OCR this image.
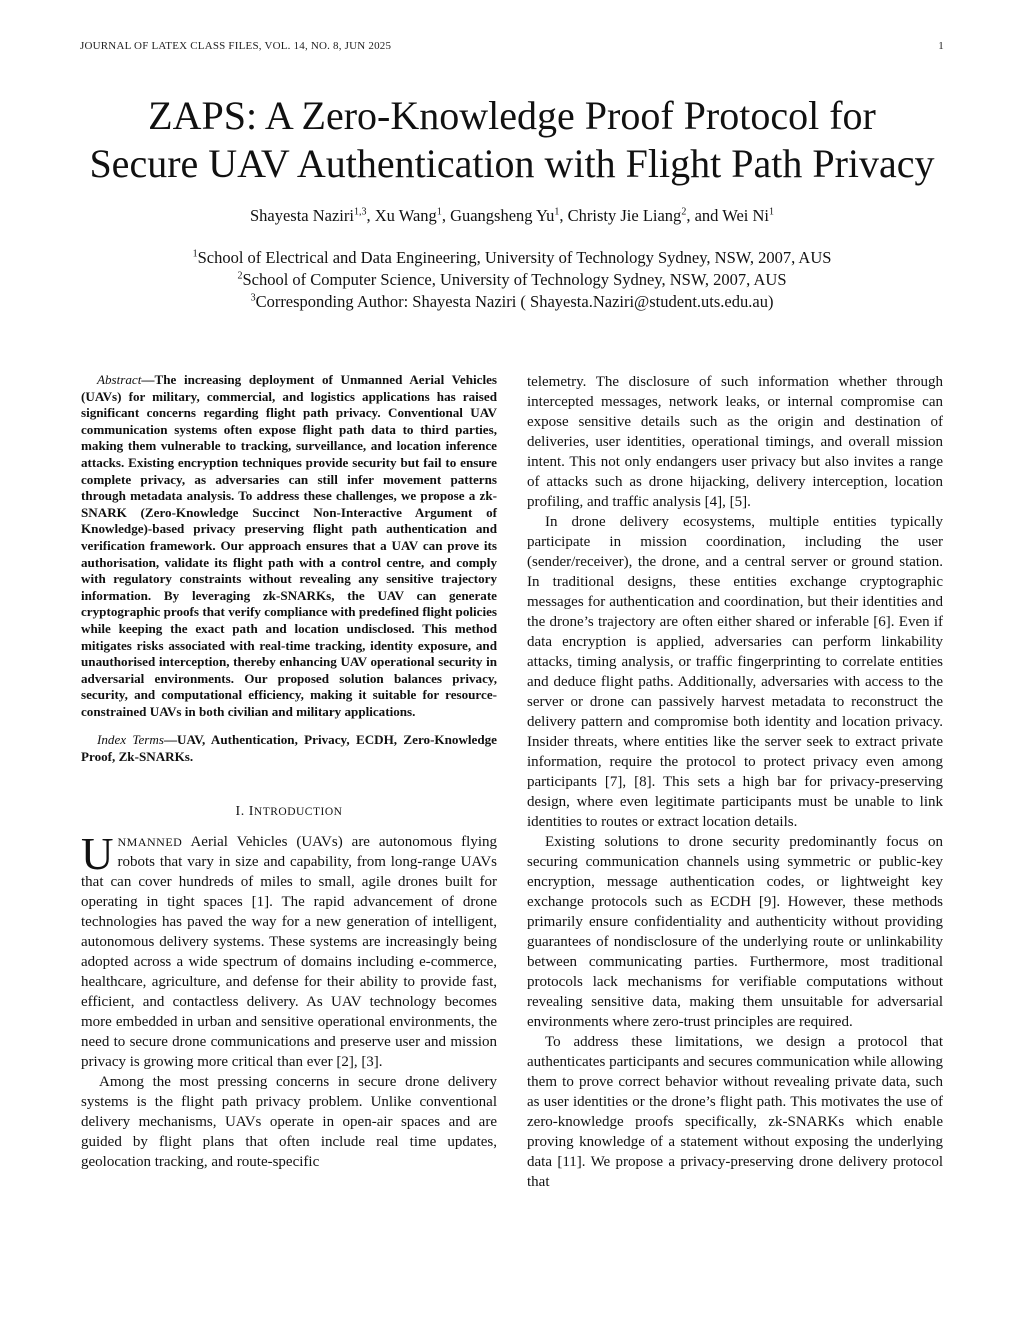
JOURNAL OF LATEX CLASS FILES, VOL. 14, NO. 8, JUN 2025	1
ZAPS: A Zero-Knowledge Proof Protocol for
Secure UAV Authentication with Flight Path Privacy
Shayesta Naziri$^{1,3}$, Xu Wang$^1$, Guangsheng Yu$^1$, Christy Jie Liang$^2$, and Wei Ni$^1$
$^1$School of Electrical and Data Engineering, University of Technology Sydney, NSW, 2007, AUS
$^2$School of Computer Science, University of Technology Sydney, NSW, 2007, AUS
$^3$Corresponding Author: Shayesta Naziri ( Shayesta.Naziri@student.uts.edu.au)

Abstract—The increasing deployment of Unmanned Aerial Vehicles (UAVs) for military, commercial, and logistics applications has raised significant concerns regarding flight path privacy. Conventional UAV communication systems often expose flight path data to third parties, making them vulnerable to tracking, surveillance, and location inference attacks. Existing encryption techniques provide security but fail to ensure complete privacy, as adversaries can still infer movement patterns through metadata analysis. To address these challenges, we propose a zk-SNARK (Zero-Knowledge Succinct Non-Interactive Argument of Knowledge)-based privacy preserving flight path authentication and verification framework. Our approach ensures that a UAV can prove its authorisation, validate its flight path with a control centre, and comply with regulatory constraints without revealing any sensitive trajectory information. By leveraging zk-SNARKs, the UAV can generate cryptographic proofs that verify compliance with predefined flight policies while keeping the exact path and location undisclosed. This method mitigates risks associated with real-time tracking, identity exposure, and unauthorised interception, thereby enhancing UAV operational security in adversarial environments. Our proposed solution balances privacy, security, and computational efficiency, making it suitable for resource-constrained UAVs in both civilian and military applications.

Index Terms—UAV, Authentication, Privacy, ECDH, Zero-Knowledge Proof, Zk-SNARKs.

I. INTRODUCTION

UNMANNED Aerial Vehicles (UAVs) are autonomous flying robots that vary in size and capability, from long-range UAVs that can cover hundreds of miles to small, agile drones built for operating in tight spaces [1]. The rapid advancement of drone technologies has paved the way for a new generation of intelligent, autonomous delivery systems. These systems are increasingly being adopted across a wide spectrum of domains including e-commerce, healthcare, agriculture, and defense for their ability to provide fast, efficient, and contactless delivery. As UAV technology becomes more embedded in urban and sensitive operational environments, the need to secure drone communications and preserve user and mission privacy is growing more critical than ever [2], [3].

Among the most pressing concerns in secure drone delivery systems is the flight path privacy problem. Unlike conventional delivery mechanisms, UAVs operate in open-air spaces and are guided by flight plans that often include real time updates, geolocation tracking, and route-specific

telemetry. The disclosure of such information whether through intercepted messages, network leaks, or internal compromise can expose sensitive details such as the origin and destination of deliveries, user identities, operational timings, and overall mission intent. This not only endangers user privacy but also invites a range of attacks such as drone hijacking, delivery interception, location profiling, and traffic analysis [4], [5].

In drone delivery ecosystems, multiple entities typically participate in mission coordination, including the user (sender/receiver), the drone, and a central server or ground station. In traditional designs, these entities exchange cryptographic messages for authentication and coordination, but their identities and the drone’s trajectory are often either shared or inferable [6]. Even if data encryption is applied, adversaries can perform linkability attacks, timing analysis, or traffic fingerprinting to correlate entities and deduce flight paths. Additionally, adversaries with access to the server or drone can passively harvest metadata to reconstruct the delivery pattern and compromise both identity and location privacy. Insider threats, where entities like the server seek to extract private information, require the protocol to protect privacy even among participants [7], [8]. This sets a high bar for privacy-preserving design, where even legitimate participants must be unable to link identities to routes or extract location details.

Existing solutions to drone security predominantly focus on securing communication channels using symmetric or public-key encryption, message authentication codes, or lightweight key exchange protocols such as ECDH [9]. However, these methods primarily ensure confidentiality and authenticity without providing guarantees of nondisclosure of the underlying route or unlinkability between communicating parties. Furthermore, most traditional protocols lack mechanisms for verifiable computations without revealing sensitive data, making them unsuitable for adversarial environments where zero-trust principles are required.

To address these limitations, we design a protocol that authenticates participants and secures communication while allowing them to prove correct behavior without revealing private data, such as user identities or the drone’s flight path. This motivates the use of zero-knowledge proofs specifically, zk-SNARKs which enable proving knowledge of a statement without exposing the underlying data [11]. We propose a privacy-preserving drone delivery protocol that
